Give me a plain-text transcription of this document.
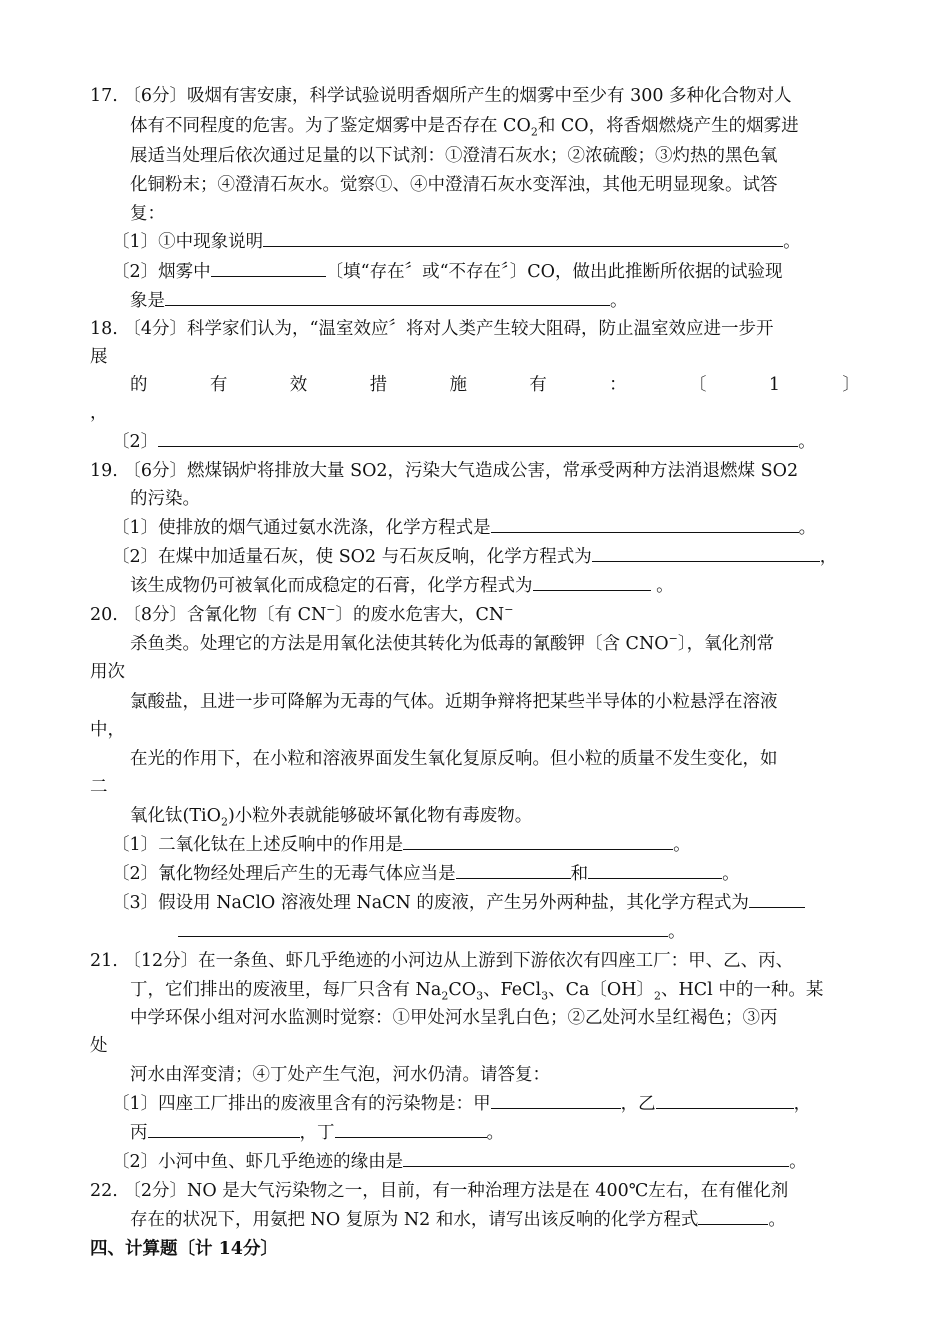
17. 〔6分〕吸烟有害安康，科学试验说明香烟所产生的烟雾中至少有 300 多种化合物对人
体有不同程度的危害。为了鉴定烟雾中是否存在 $CO_2$和 CO，将香烟燃烧产生的烟雾进
展适当处理后依次通过足量的以下试剂：①澄清石灰水；②浓硫酸；③灼热的黑色氧
化铜粉末；④澄清石灰水。觉察①、④中澄清石灰水变浑浊，其他无明显现象。试答
复：
〔1〕①中现象说明	。
〔2〕烟雾中	〔填“存在〞或“不存在〞〕CO，做出此推断所依据的试验现
象是	。
18. 〔4分〕科学家们认为，“温室效应〞将对人类产生较大阻碍，防止温室效应进一步开
展
的	有	效	措	施	有	：	〔	1	〕
，
〔2〕	。
19. 〔6分〕燃煤锅炉将排放大量 SO2，污染大气造成公害，常承受两种方法消退燃煤 SO2
的污染。
〔1〕使排放的烟气通过氨水洗涤，化学方程式是	。
〔2〕在煤中加适量石灰，使 SO2 与石灰反响，化学方程式为	，
该生成物仍可被氧化而成稳定的石膏，化学方程式为	。
20. 〔8分〕含氰化物〔有 CN−〕的废水危害大，CN−
杀鱼类。处理它的方法是用氧化法使其转化为低毒的氰酸钾〔含 CNO−〕，氧化剂常
用次
氯酸盐，且进一步可降解为无毒的气体。近期争辩将把某些半导体的小粒悬浮在溶液
中，
在光的作用下，在小粒和溶液界面发生氧化复原反响。但小粒的质量不发生变化，如
二
氧化钛(TiO$_2$)小粒外表就能够破坏氰化物有毒废物。
〔1〕二氧化钛在上述反响中的作用是	。
〔2〕氰化物经处理后产生的无毒气体应当是	和	。
〔3〕假设用 NaClO 溶液处理 NaCN 的废液，产生另外两种盐，其化学方程式为
。
21. 〔12分〕在一条鱼、虾几乎绝迹的小河边从上游到下游依次有四座工厂：甲、乙、丙、
丁，它们排出的废液里，每厂只含有 $Na_2CO_3$、FeCl$_3$、Ca〔OH〕$_2$、HCl 中的一种。某
中学环保小组对河水监测时觉察：①甲处河水呈乳白色；②乙处河水呈红褐色；③丙
处
河水由浑变清；④丁处产生气泡，河水仍清。请答复：
〔1〕四座工厂排出的废液里含有的污染物是：甲	，乙	，
丙	，丁	。
〔2〕小河中鱼、虾几乎绝迹的缘由是	。
22. 〔2分〕NO 是大气污染物之一，目前，有一种治理方法是在 400℃左右，在有催化剂
存在的状况下，用氨把 NO 复原为 N2 和水，请写出该反响的化学方程式	。
四、计算题〔计 14分〕
